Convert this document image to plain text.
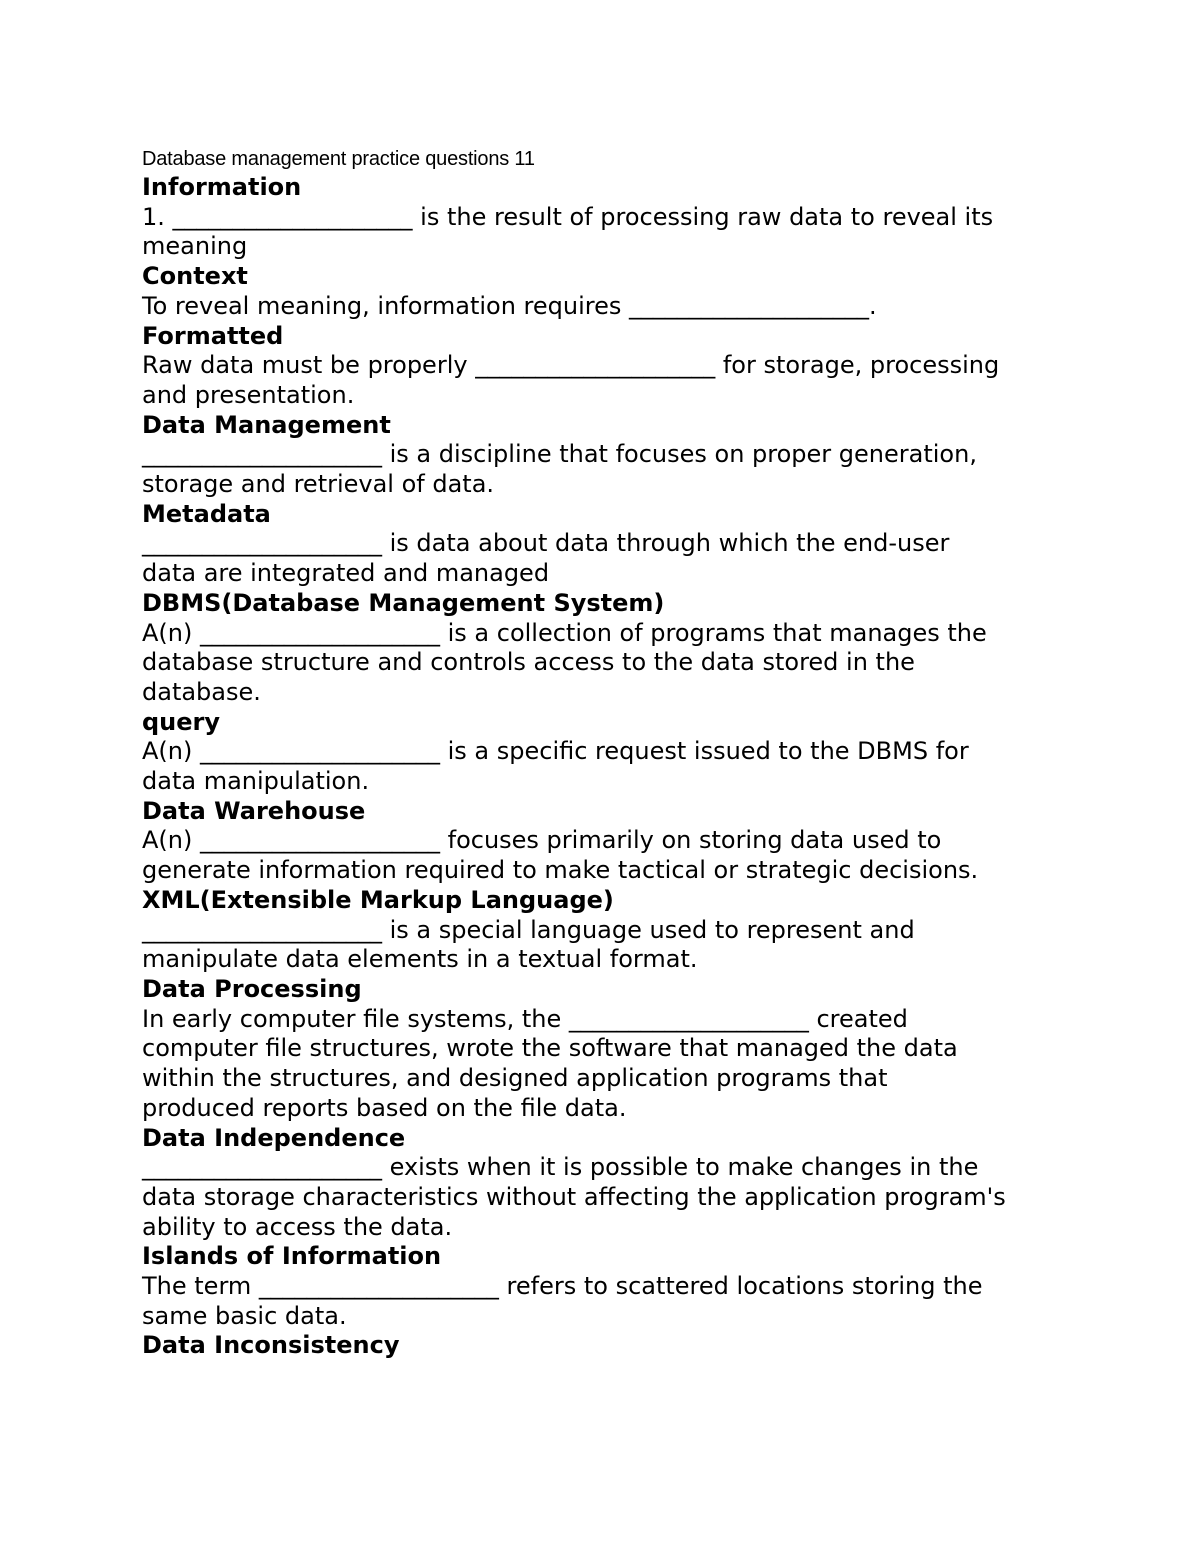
Database management practice questions 11

Information

1. ____________________ is the result of processing raw data to reveal its
meaning

Context

To reveal meaning, information requires ____________________.

Formatted

Raw data must be properly ____________________ for storage, processing
and presentation.

Data Management

____________________ is a discipline that focuses on proper generation,
storage and retrieval of data.

Metadata

____________________ is data about data through which the end-user
data are integrated and managed

DBMS(Database Management System)

A(n) ____________________ is a collection of programs that manages the
database structure and controls access to the data stored in the
database.

query

A(n) ____________________ is a specific request issued to the DBMS for
data manipulation.

Data Warehouse

A(n) ____________________ focuses primarily on storing data used to
generate information required to make tactical or strategic decisions.

XML(Extensible Markup Language)

____________________ is a special language used to represent and
manipulate data elements in a textual format.

Data Processing

In early computer file systems, the ____________________ created
computer file structures, wrote the software that managed the data
within the structures, and designed application programs that
produced reports based on the file data.

Data Independence

____________________ exists when it is possible to make changes in the
data storage characteristics without affecting the application program's
ability to access the data.

Islands of Information

The term ____________________ refers to scattered locations storing the
same basic data.

Data Inconsistency
